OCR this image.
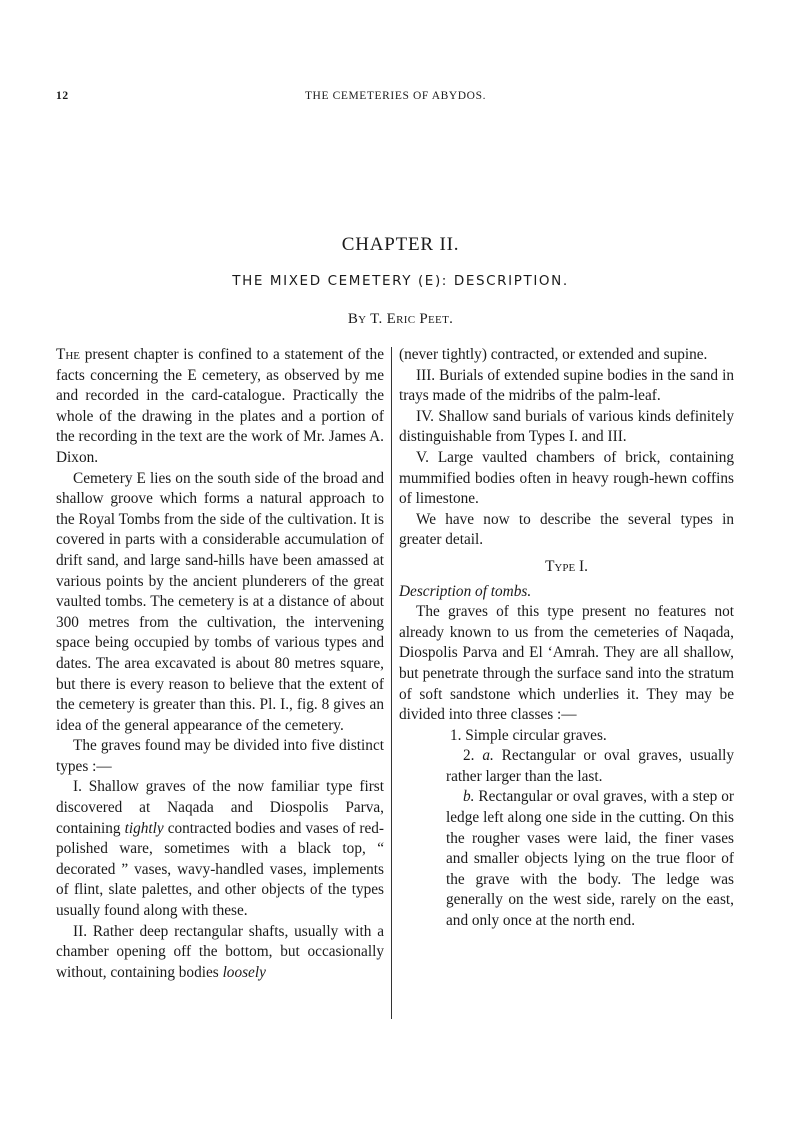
12	THE CEMETERIES OF ABYDOS.
CHAPTER II.
THE MIXED CEMETERY (E): DESCRIPTION.
By T. Eric Peet.

The present chapter is confined to a statement of the facts concerning the E cemetery, as observed by me and recorded in the card-catalogue. Practically the whole of the drawing in the plates and a portion of the recording in the text are the work of Mr. James A. Dixon.

Cemetery E lies on the south side of the broad and shallow groove which forms a natural approach to the Royal Tombs from the side of the cultivation. It is covered in parts with a considerable accumulation of drift sand, and large sand-hills have been amassed at various points by the ancient plunderers of the great vaulted tombs. The cemetery is at a distance of about 300 metres from the cultivation, the intervening space being occupied by tombs of various types and dates. The area excavated is about 80 metres square, but there is every reason to believe that the extent of the cemetery is greater than this. Pl. I., fig. 8 gives an idea of the general appearance of the cemetery.

The graves found may be divided into five distinct types :—

I. Shallow graves of the now familiar type first discovered at Naqada and Diospolis Parva, containing tightly contracted bodies and vases of red-polished ware, sometimes with a black top, “ decorated ” vases, wavy-handled vases, implements of flint, slate palettes, and other objects of the types usually found along with these.

II. Rather deep rectangular shafts, usually with a chamber opening off the bottom, but occasionally without, containing bodies loosely

(never tightly) contracted, or extended and supine.

III. Burials of extended supine bodies in the sand in trays made of the midribs of the palm-leaf.

IV. Shallow sand burials of various kinds definitely distinguishable from Types I. and III.

V. Large vaulted chambers of brick, containing mummified bodies often in heavy rough-hewn coffins of limestone.

We have now to describe the several types in greater detail.

Type I.

Description of tombs.

The graves of this type present no features not already known to us from the cemeteries of Naqada, Diospolis Parva and El ‘Amrah. They are all shallow, but penetrate through the surface sand into the stratum of soft sandstone which underlies it. They may be divided into three classes :—

1. Simple circular graves.

2. a. Rectangular or oval graves, usually rather larger than the last.

b. Rectangular or oval graves, with a step or ledge left along one side in the cutting. On this the rougher vases were laid, the finer vases and smaller objects lying on the true floor of the grave with the body. The ledge was generally on the west side, rarely on the east, and only once at the north end.
